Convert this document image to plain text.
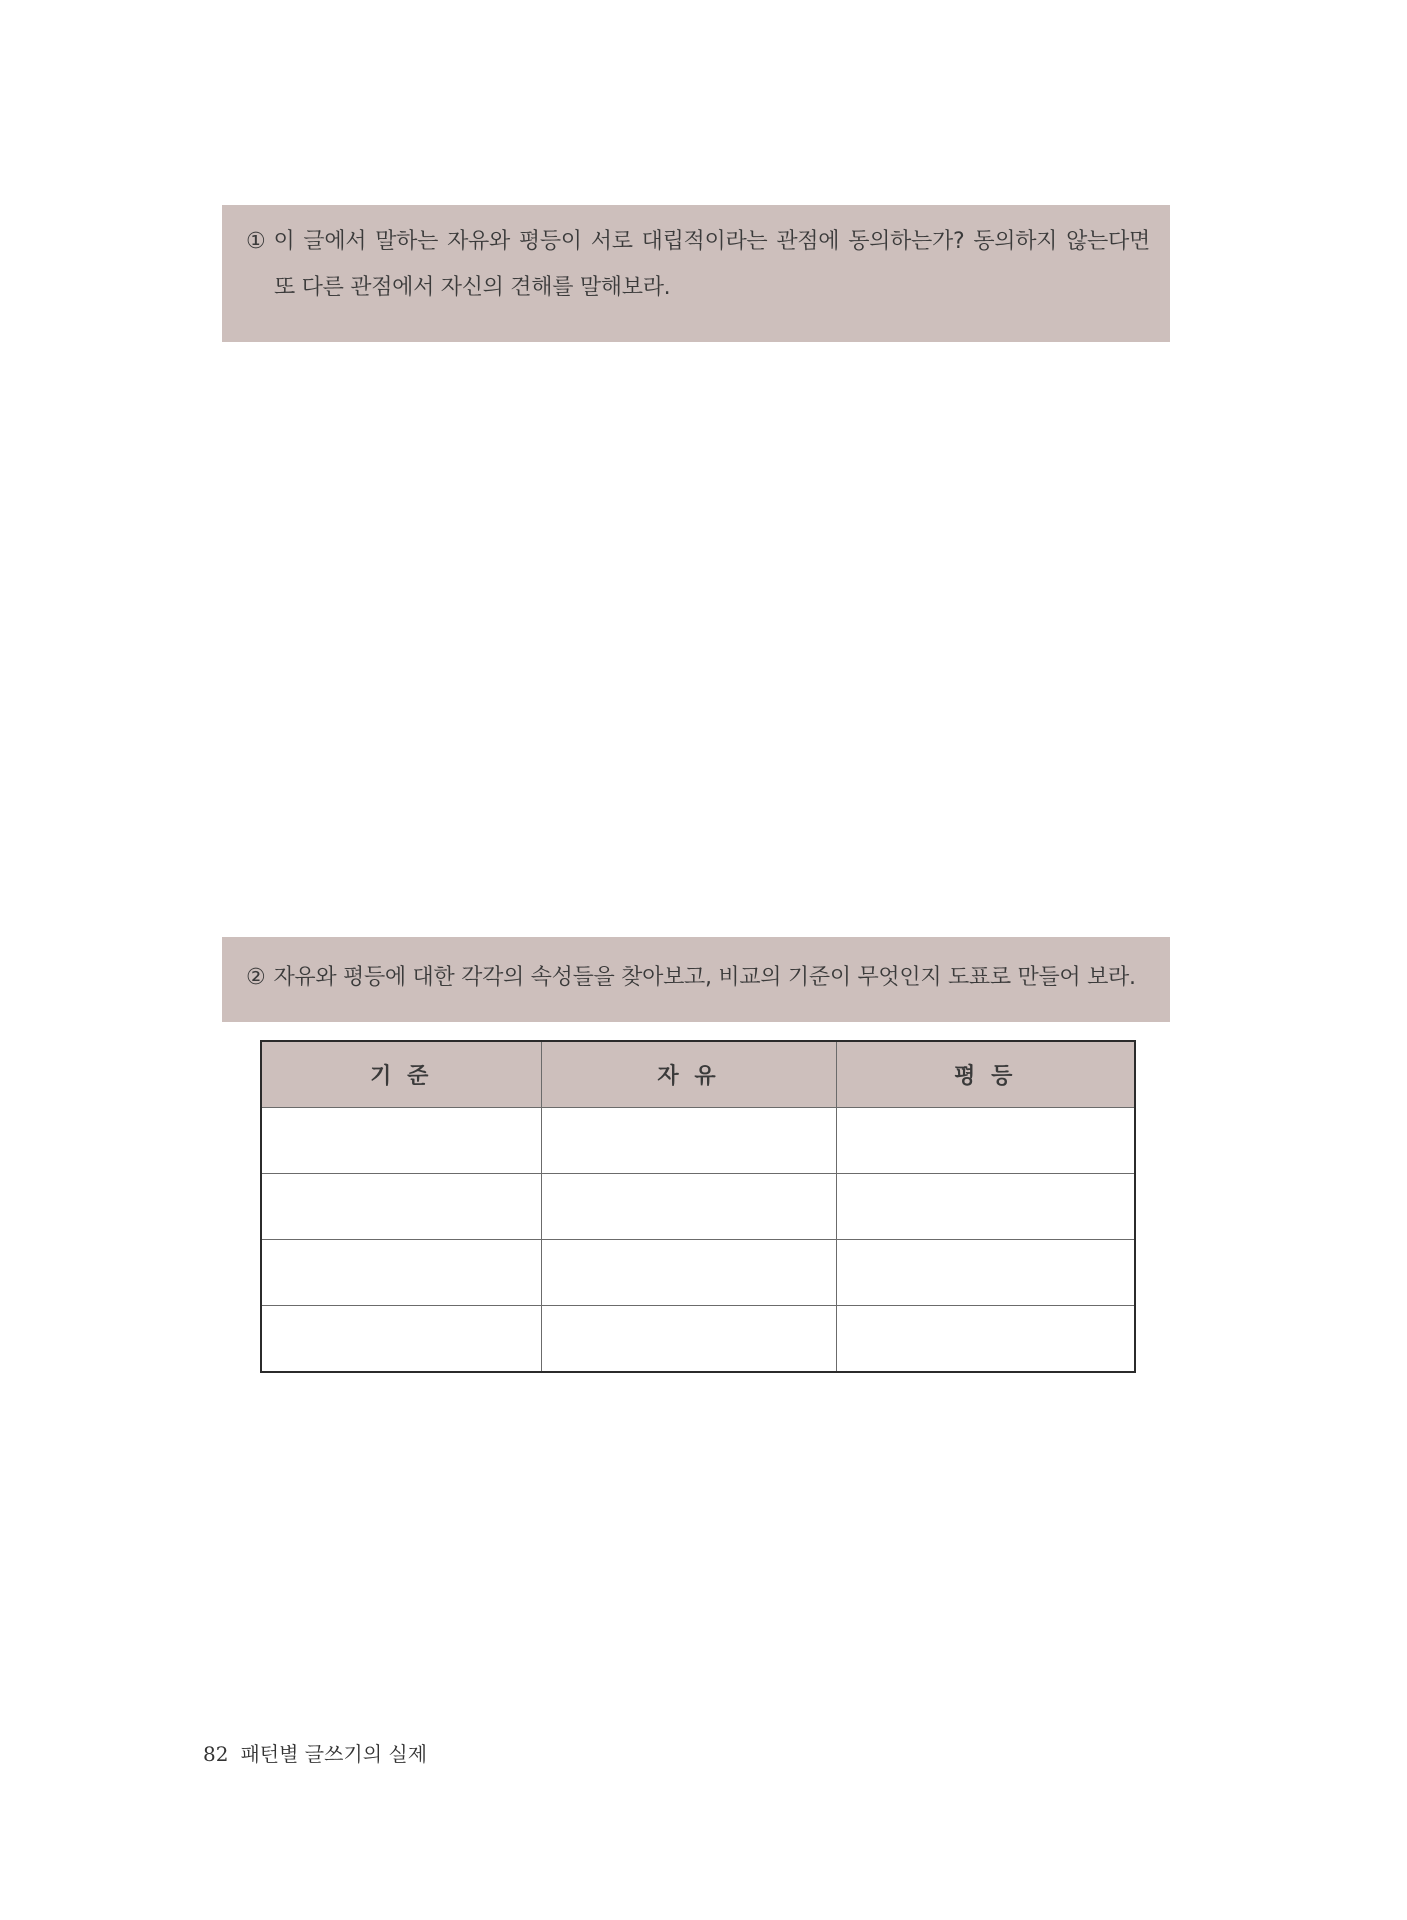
① 이 글에서 말하는 자유와 평등이 서로 대립적이라는 관점에 동의하는가? 동의하지 않는다면
또 다른 관점에서 자신의 견해를 말해보라.
② 자유와 평등에 대한 각각의 속성들을 찾아보고, 비교의 기준이 무엇인지 도표로 만들어 보라.
기 준	자 유	평 등

82 패턴별 글쓰기의 실제
